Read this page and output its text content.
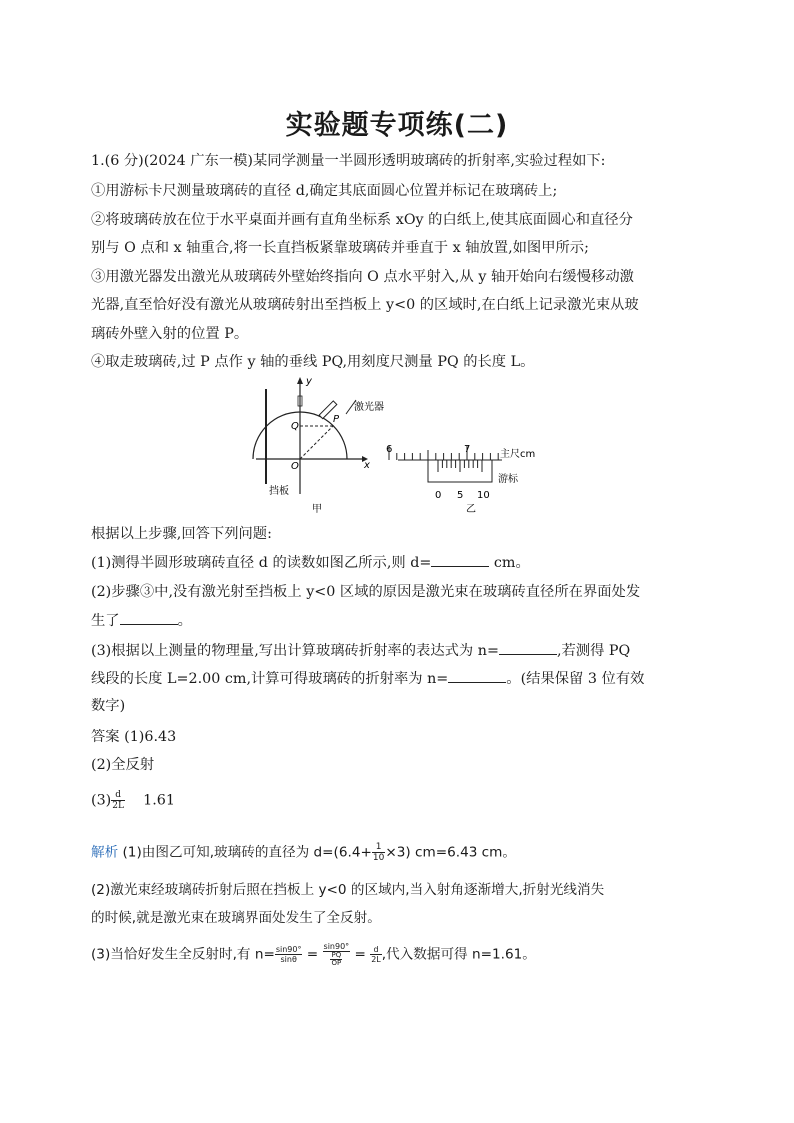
实验题专项练(二)
1.(6 分)(2024 广东一模)某同学测量一半圆形透明玻璃砖的折射率,实验过程如下:
①用游标卡尺测量玻璃砖的直径 d,确定其底面圆心位置并标记在玻璃砖上;
②将玻璃砖放在位于水平桌面并画有直角坐标系 xOy 的白纸上,使其底面圆心和直径分
别与 O 点和 x 轴重合,将一长直挡板紧靠玻璃砖并垂直于 x 轴放置,如图甲所示;
③用激光器发出激光从玻璃砖外壁始终指向 O 点水平射入,从 y 轴开始向右缓慢移动激
光器,直至恰好没有激光从玻璃砖射出至挡板上 y<0 的区域时,在白纸上记录激光束从玻
璃砖外壁入射的位置 P。
④取走玻璃砖,过 P 点作 y 轴的垂线 PQ,用刻度尺测量 PQ 的长度 L。
y
x
O
Q
P
激光器
挡板
甲
6	7	主尺cm
0 5 10
游标
乙
根据以上步骤,回答下列问题:
(1)测得半圆形玻璃砖直径 d 的读数如图乙所示,则 d=	cm。
(2)步骤③中,没有激光射至挡板上 y<0 区域的原因是激光束在玻璃砖直径所在界面处发
生了	。
(3)根据以上测量的物理量,写出计算玻璃砖折射率的表达式为 n=	,若测得 PQ
线段的长度 L=2.00 cm,计算可得玻璃砖的折射率为 n=	。(结果保留 3 位有效
数字)
答案 (1)6.43
(2)全反射
$(3) \frac{d}{2L} 1.61$
解析 (1)由图乙可知,玻璃砖的直径为 $d=(6.4+ \frac{1}{10} \times 3)$ cm=6.43 cm。
(2)激光束经玻璃砖折射后照在挡板上 y<0 的区域内,当入射角逐渐增大,折射光线消失
的时候,就是激光束在玻璃界面处发生了全反射。
(3)当恰好发生全反射时,有 $n= \frac{\sin 90^\circ}{\sin\theta} = \frac{\sin 90^\circ}{\frac{PQ}{OP}} = \frac{d}{2L}$ ,代入数据可得 n=1.61。
